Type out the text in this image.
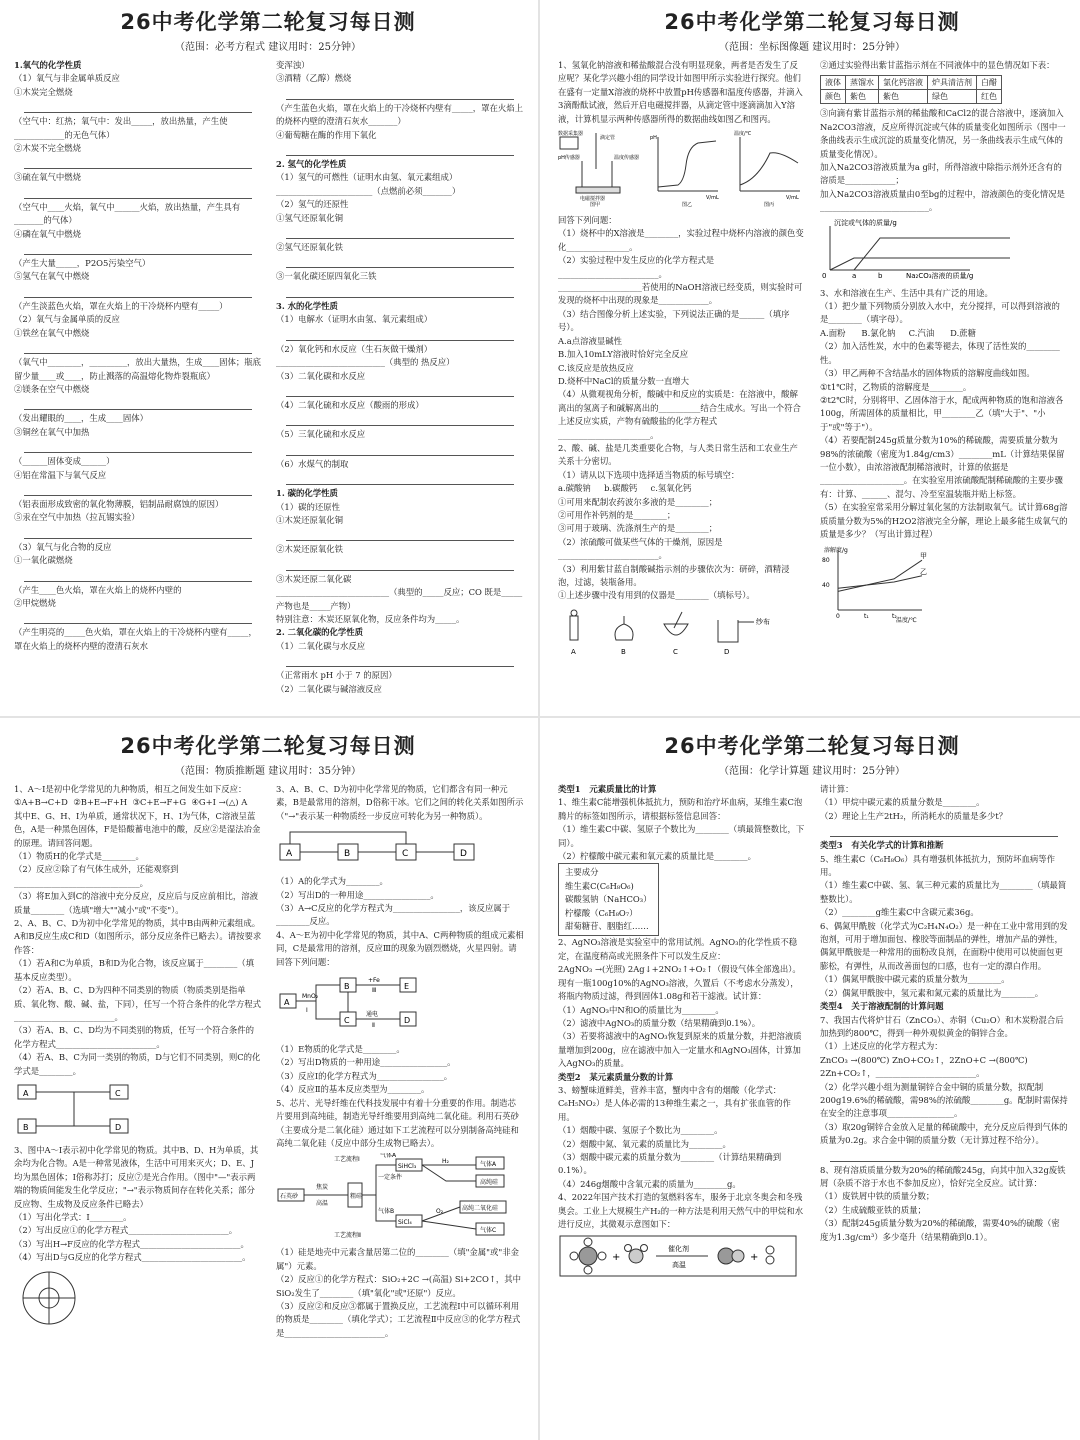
26中考化学第二轮复习每日测
（范围：必考方程式 建议用时：25分钟）

1.氧气的化学性质

（1）氧气与非金属单质反应

①木炭完全燃烧

（空气中：红热；氧气中：发出_____，放出热量，产生使____________的无色气体）

②木炭不完全燃烧

③硫在氧气中燃烧

（空气中____火焰，氧气中______火焰，放出热量，产生具有_______的气体）

④磷在氧气中燃烧

（产生大量_____，P2O5污染空气）

⑤氢气在氧气中燃烧

（产生淡蓝色火焰，罩在火焰上的干冷烧杯内壁有_____）

（2）氧气与金属单质的反应

①铁丝在氧气中燃烧

（氧气中________，_________，放出大量热，生成____固体；瓶底留少量____或____，防止溅落的高温熔化物炸裂瓶底）

②镁条在空气中燃烧

（发出耀眼的____，生成____固体）

③铜丝在氧气中加热

（______固体变成______）

④铝在常温下与氧气反应

（铝表面形成致密的氧化物薄膜，铝制品耐腐蚀的原因）

⑤汞在空气中加热（拉瓦锡实验）

（3）氧气与化合物的反应

①一氧化碳燃烧

（产生____色火焰，罩在火焰上的烧杯内壁的

②甲烷燃烧

（产生明亮的_____色火焰，罩在火焰上的干冷烧杯内壁有_____，罩在火焰上的烧杯内壁的澄清石灰水

变浑浊）

③酒精（乙醇）燃烧

（产生蓝色火焰，罩在火焰上的干冷烧杯内壁有_____，罩在火焰上的烧杯内壁的澄清石灰水_______）

④葡萄糖在酶的作用下氧化

2. 氢气的化学性质

（1）氢气的可燃性（证明水由氢、氧元素组成）

_______________________（点燃前必须_______）

（2）氢气的还原性

①氢气还原氧化铜

②氢气还原氧化铁

③一氧化碳还原四氧化三铁

3. 水的化学性质

（1）电解水（证明水由氢、氧元素组成）

（2）氧化钙和水反应（生石灰做干燥剂）

__________________________（典型的 热反应）

（3）二氧化碳和水反应

（4）二氧化硫和水反应（酸雨的形成）

（5）三氧化硫和水反应

（6）水煤气的制取

1. 碳的化学性质

（1）碳的还原性

①木炭还原氧化铜

②木炭还原氧化铁

③木炭还原二氧化碳

___________________________（典型的_____反应；CO 既是_____产物也是_____产物）

特别注意：木炭还原氧化物，反应条件均为_____。

2. 二氧化碳的化学性质

（1）二氧化碳与水反应

（正常雨水 pH 小于 7 的原因）

（2）二氧化碳与碱溶液反应

26中考化学第二轮复习每日测
（范围：坐标图像题 建议用时：25分钟）

1、氢氧化钠溶液和稀盐酸混合没有明显现象，两者是否发生了反应呢？某化学兴趣小组的同学设计如图甲所示实验进行探究。他们在盛有一定量X溶液的烧杯中放置pH传感器和温度传感器，并滴入3滴酚酞试液，然后开启电磁搅拌器，从滴定管中逐滴滴加入Y溶液，计算机显示两种传感器所得的数据曲线如图乙和图丙。

数据采集器
pH传感器	温度传感器
滴定管
电磁搅拌器
图甲
pH
V/mL
图乙
温度/℃
V/mL
图丙

回答下列问题：

（1）烧杯中的X溶液是________，实验过程中烧杯内溶液的颜色变化_______________。

（2）实验过程中发生反应的化学方程式是________________________。

____________________若使用的NaOH溶液已经变质，则实验时可发现的烧杯中出现的现象是____________。

（3）结合图像分析上述实验，下列说法正确的是______（填序号）。

A.a点溶液显碱性

B.加入10mLY溶液时恰好完全反应

C.该反应是放热反应

D.烧杯中NaCl的质量分数一直增大

（4）从微观视角分析，酸碱中和反应的实质是：在溶液中，酸解离出的氢离子和碱解离出的__________结合生成水。写出一个符合上述反应实质，产物有硫酸盐的化学方程式______________________。

2、酸、碱、盐是几类重要化合物，与人类日常生活和工农业生产关系十分密切。

（1）请从以下选项中选择适当物质的标号填空：

a.碳酸钠     b.碳酸钙     c.氢氧化钙

①可用来配制农药波尔多液的是________；

②可用作补钙剂的是________；

③可用于玻璃、洗涤剂生产的是________；

（2）浓硫酸可做某些气体的干燥剂，原因是________________________。

（3）利用紫甘蓝自制酸碱指示剂的步骤依次为：研碎，酒精浸泡，过滤，装瓶备用。

①上述步骤中没有用到的仪器是________（填标号）。

纱布
A	B	C	D

②通过实验得出紫甘蓝指示剂在不同液体中的显色情况如下表：

液体	蒸馏水	氯化钙溶液	炉具清洁剂	白醋
颜色	紫色	紫色	绿色	红色

③向滴有紫甘蓝指示剂的稀盐酸和CaCl2的混合溶液中，逐滴加入Na2CO3溶液，反应所得沉淀或气体的质量变化如图所示（图中一条曲线表示生成沉淀的质量变化情况，另一条曲线表示生成气体的质量变化情况）。

加入Na2CO3溶液质量为a g时，所得溶液中除指示剂外还含有的溶质是____________；

加入Na2CO3溶液质量由0至bg的过程中，溶液颜色的变化情况是__________________________。

沉淀或气体的质量/g
Na₂CO₃溶液的质量/g
0	a	b

3、水和溶液在生产、生活中具有广泛的用途。

（1）把少量下列物质分别放入水中，充分搅拌，可以得到溶液的是________（填字母）。

A.面粉      B.氯化钠     C.汽油      D.蔗糖

（2）加入活性炭，水中的色素等褪去，体现了活性炭的________性。

（3）甲乙两种不含结晶水的固体物质的溶解度曲线如图。

①t1℃时，乙物质的溶解度是________。

②t2℃时，分别将甲、乙固体溶于水，配成两种物质的饱和溶液各100g，所需固体的质量相比，甲________乙（填"大于"、"小于"或"等于"）。

（4）若要配制245g质量分数为10%的稀硫酸，需要质量分数为98%的浓硫酸（密度为1.84g/cm3）________mL（计算结果保留一位小数），由浓溶液配制稀溶液时，计算的依据是____________________。在实验室用浓硫酸配制稀硫酸的主要步骤有：计算、______、混匀、冷至室温装瓶并贴上标签。

（5）在实验室常采用分解过氧化氢的方法制取氧气。试计算68g溶质质量分数为5%的H2O2溶液完全分解，理论上最多能生成氧气的质量是多少？（写出计算过程）

溶解度/g
温度/℃
40
80
0	t₁	t₂
甲
乙
26中考化学第二轮复习每日测
（范围：物质推断题 建议用时：35分钟）

1、A～I是初中化学常见的九种物质，相互之间发生如下反应：

①A+B→C+D  ②B+E→F+H  ③C+E→F+G  ④G+I →(△) A

其中E、G、H、I为单质，通常状况下，H、I为气体，C溶液呈蓝色，A是一种黑色固体，F是铅酸蓄电池中的酸，反应②是湿法冶金的原理。请回答问题。

（1）物质H的化学式是________。

（2）反应②除了有气体生成外，还能观察到______________________________。

（3）将E加入到C的溶液中充分反应，反应后与反应前相比，溶液质量________（选填"增大""减小"或"不变"）。

2、A、B、C、D为初中化学常见的物质，其中B由两种元素组成。A和B反应生成C和D（如图所示，部分反应条件已略去）。请按要求作答：

（1）若A和C为单质，B和D为化合物，该反应属于________（填基本反应类型）。

（2）若A、B、C、D为四种不同类别的物质（物质类别是指单质、氧化物、酸、碱、盐，下同），任写一个符合条件的化学方程式________________________。

（3）若A、B、C、D均为不同类别的物质，任写一个符合条件的化学方程式________________________。

（4）若A、B、C为同一类别的物质，D与它们不同类别，则C的化学式是________。

A	C
B	D

3、图中A～I表示初中化学常见的物质。其中B、D、H为单质，其余均为化合物。A是一种常见液体，生活中可用来灭火；D、E、J均为黑色固体；I俗称苏打；反应⑦是光合作用。（图中"—"表示两端的物质间能发生化学反应；"→"表示物质间存在转化关系；部分反应物、生成物及反应条件已略去）

（1）写出化学式：I________。

（2）写出反应①的化学方程式________________________。

（3）写出H→F反应的化学方程式________________________。

（4）写出D与G反应的化学方程式________________________。

3、A、B、C、D为初中化学常见的物质，它们都含有同一种元素，B是最常用的溶剂，D俗称干冰。它们之间的转化关系如图所示（"→"表示某一种物质经一步反应可转化为另一种物质）。

A	B	C	D

（1）A的化学式为________。

（2）写出D的一种用途________________。

（3）A→C反应的化学方程式为________________，该反应属于________反应。

4、A～E为初中化学常见的物质，其中A、C两种物质的组成元素相同，C是最常用的溶剂，反应Ⅲ的现象为剧烈燃烧，火星四射。请回答下列问题：

A
MnO₂
Ⅰ
B
+Fe
Ⅲ	E
通电
Ⅱ
C	D

（1）E物质的化学式是________。

（2）写出D物质的一种用途________________。

（3）反应Ⅰ的化学方程式为________________。

（4）反应Ⅱ的基本反应类型为________。

5、芯片、光导纤维在代科技发展中有着十分重要的作用。制造芯片要用到高纯硅，制造光导纤维要用到高纯二氧化硅。利用石英砂（主要成分是二氧化硅）通过如下工艺流程可以分别制备高纯硅和高纯二氧化硅（反应中部分生成物已略去）。

石英砂
焦炭
高温
粗硅
工艺流程Ⅰ
工艺流程Ⅱ
气体A
一定条件
SiHCl₃
H₂	气体A
高纯硅
气体B
SiCl₄
O₂	高纯二氧化硅
气体C

（1）硅是地壳中元素含量居第二位的________（填"金属"或"非金属"）元素。

（2）反应①的化学方程式：SiO₂+2C →(高温) Si+2CO↑，其中SiO₂发生了________（填"氧化"或"还原"）反应。

（3）反应②和反应③都属于置换反应，工艺流程Ⅰ中可以循环利用的物质是________（填化学式）；工艺流程Ⅱ中反应③的化学方程式是________________________。

26中考化学第二轮复习每日测
（范围：化学计算题 建议用时：25分钟）

类型1   元素质量比的计算

1、维生素C能增强机体抵抗力，预防和治疗坏血病，某维生素C泡腾片的标签如图所示，请根据标签信息回答：

（1）维生素C中碳、氢原子个数比为________（填最简整数比，下同）。

（2）柠檬酸中碳元素和氧元素的质量比是________。

主要成分

维生素C(C₆H₈O₆)

碳酸氢钠（NaHCO₃）

柠檬酸（C₆H₈O₇）

甜菊糖苷、胭脂红……

2、AgNO₃溶液是实验室中的常用试剂。AgNO₃的化学性质不稳定，在温度稍高或光照条件下可以发生反应：

2AgNO₃ →(光照) 2Ag↓+2NO₂↑+O₂↑（假设气体全部逸出）。现有一瓶100g10%的AgNO₃溶液，久置后（不考虑水分蒸发），将瓶内物质过滤，得到固体1.08g和若干滤液。试计算：

（1）AgNO₃中N和O的质量比为________。

（2）滤液中AgNO₃的质量分数（结果精确到0.1%）。

（3）若要将滤液中的AgNO₃恢复到原来的质量分数，并把溶液质量增加到200g，应在滤液中加入一定量水和AgNO₃固体，计算加入AgNO₃的质量。

类型2   某元素质量分数的计算

3、螃蟹味道鲜美，营养丰富，蟹肉中含有的烟酸（化学式：C₆H₅NO₂）是人体必需的13种维生素之一，具有扩张血管的作用。

（1）烟酸中碳、氢原子个数比为________。

（2）烟酸中氮、氧元素的质量比为________。

（3）烟酸中碳元素的质量分数为________（计算结果精确到0.1%）。

（4）246g烟酸中含氧元素的质量为________g。

4、2022年国产技术打造的氢燃料客车，服务于北京冬奥会和冬残奥会。工业上大规模生产H₂的一种方法是利用天然气中的甲烷和水进行反应，其微观示意图如下：

+
催化剂
高温
+

请计算：

（1）甲烷中碳元素的质量分数是________。

（2）理论上生产2tH₂，所消耗水的质量是多少t？

类型3   有关化学式的计算和推断

5、维生素C（C₆H₈O₆）具有增强机体抵抗力，预防坏血病等作用。

（1）维生素C中碳、氢、氧三种元素的质量比为________（填最简整数比）。

（2）________g维生素C中含碳元素36g。

6、偶氮甲酰胺（化学式为C₂H₄N₄O₂）是一种在工业中常用到的发泡剂，可用于增加面包、橡胶等面制品的弹性，增加产品的弹性，偶氮甲酰胺是一种常用的面粉改良剂，在面粉中使用可以使面包更膨松，有弹性，从而改善面包的口感，也有一定的漂白作用。

（1）偶氮甲酰胺中碳元素的质量分数为________。

（2）偶氮甲酰胺中，氢元素和氮元素的质量比为________。

类型4   关于溶液配制的计算问题

7、我国古代将炉甘石（ZnCO₃）、赤铜（Cu₂O）和木炭粉混合后加热到约800℃，得到一种外观似黄金的铜锌合金。

（1）上述反应的化学方程式为：

ZnCO₃ →(800℃) ZnO+CO₂↑，2ZnO+C →(800℃) 2Zn+CO₂↑，________________________。

（2）化学兴趣小组为测量铜锌合金中铜的质量分数，拟配制200g19.6%的稀硫酸，需98%的浓硫酸________g。配制时需保持在安全的注意事项________________。

（3）取20g铜锌合金放入足量的稀硫酸中，充分反应后得到气体的质量为0.2g。求合金中铜的质量分数（无计算过程不给分）。

8、现有溶质质量分数为20%的稀硫酸245g，向其中加入32g废铁屑（杂质不溶于水也不参加反应），恰好完全反应。试计算：

（1）废铁屑中铁的质量分数；

（2）生成硫酸亚铁的质量；

（3）配制245g质量分数为20%的稀硫酸，需要40%的硫酸（密度为1.3g/cm³）多少毫升（结果精确到0.1）。
